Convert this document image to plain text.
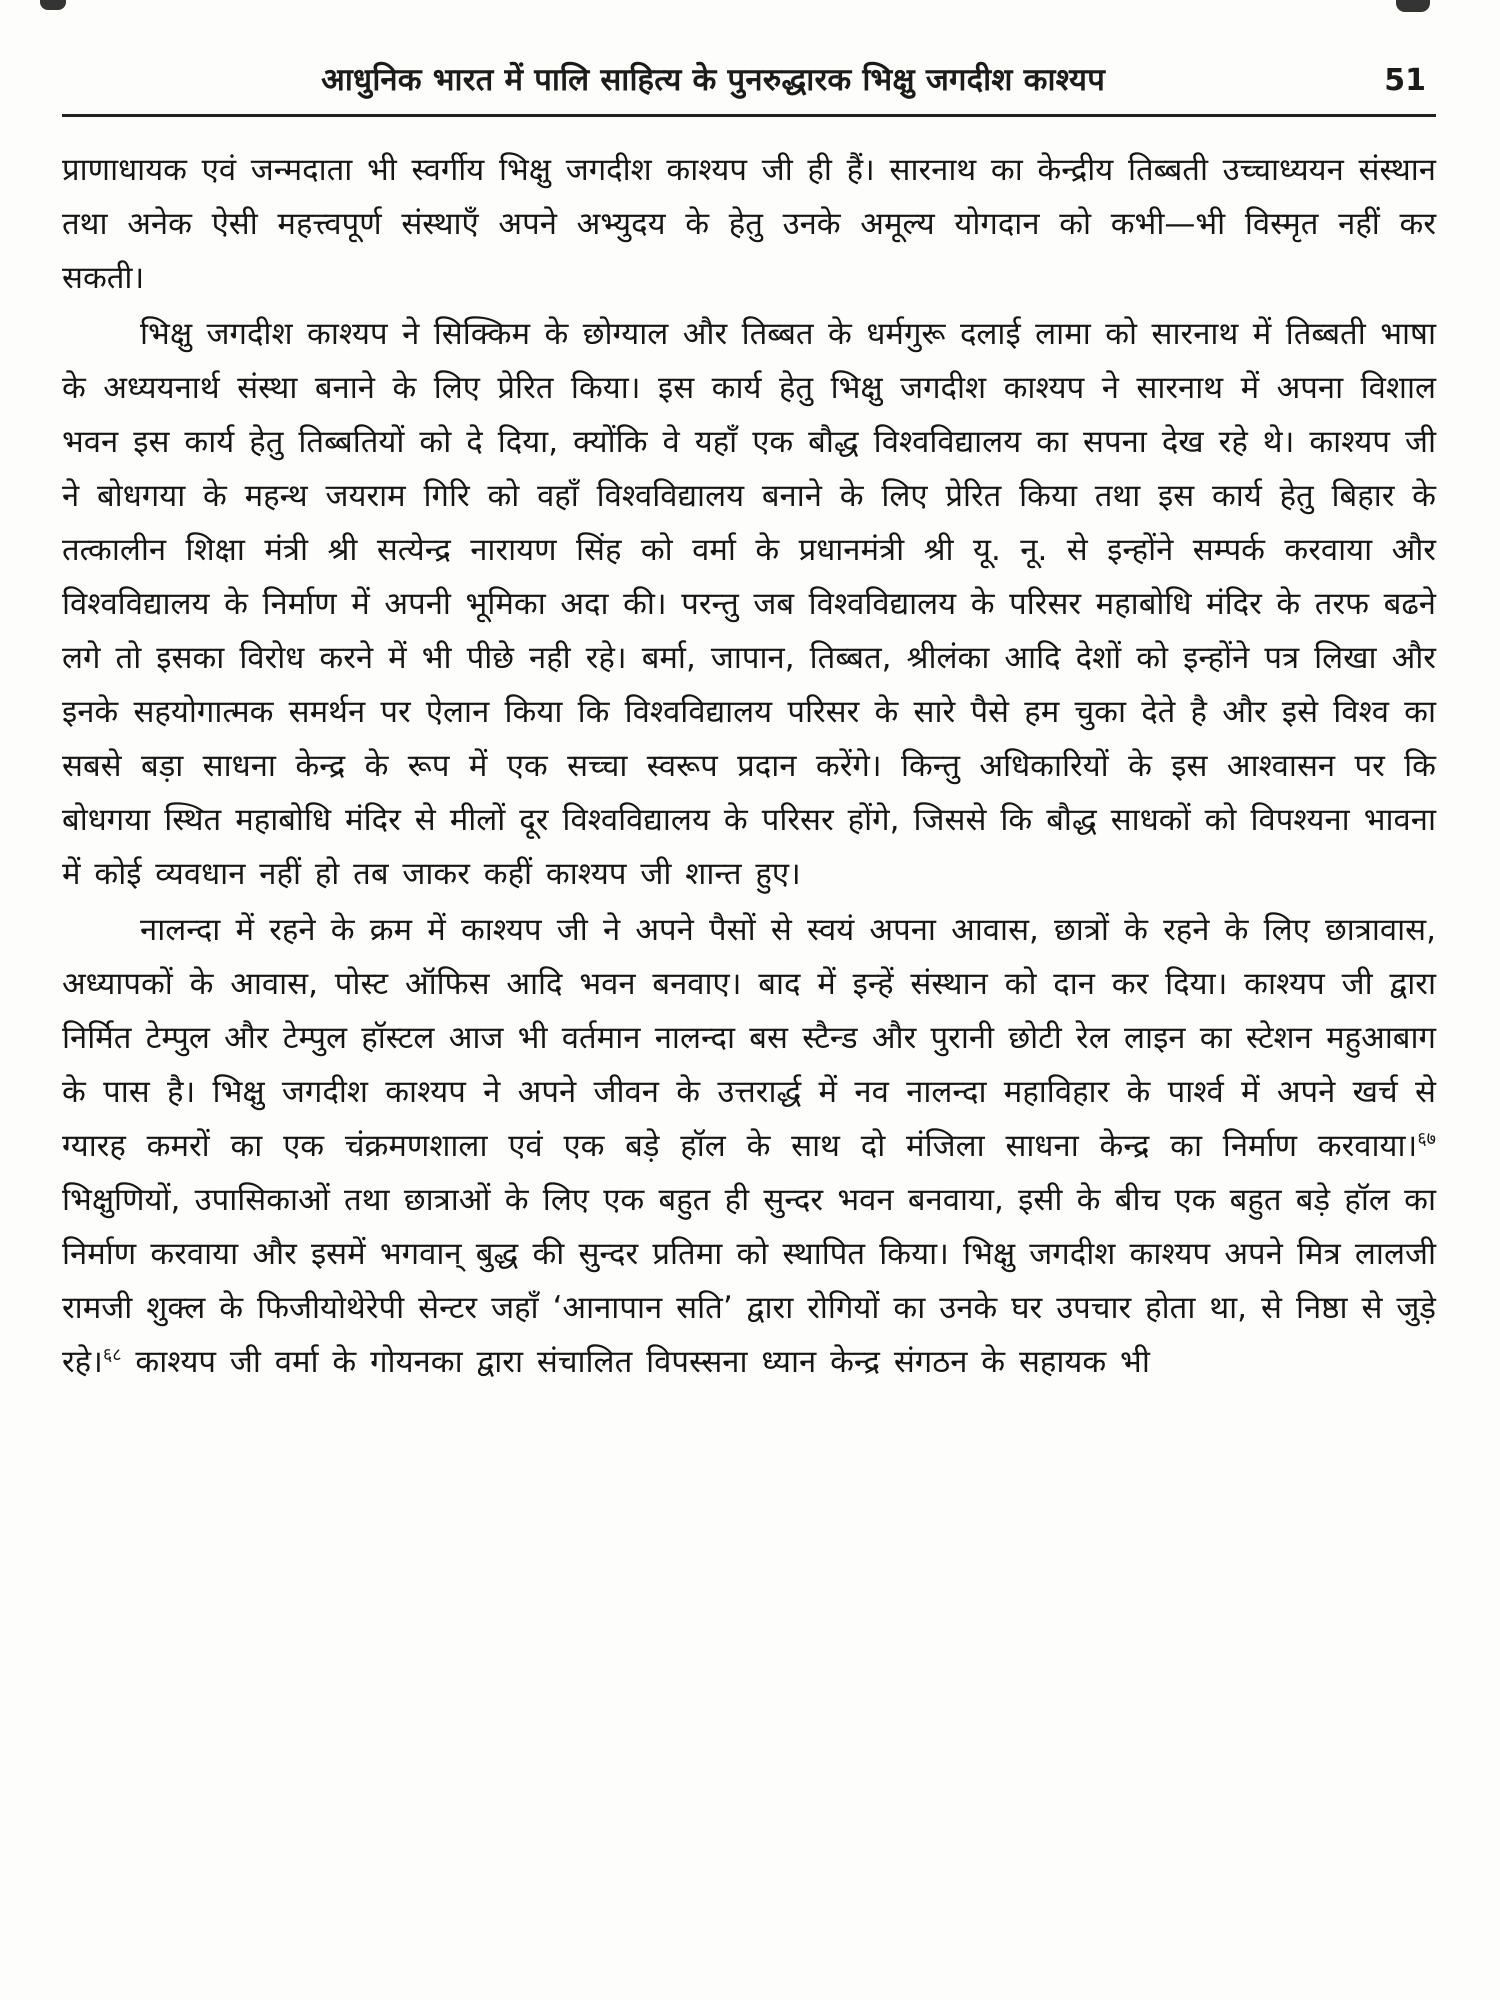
आधुनिक भारत में पालि साहित्य के पुनरुद्धारक भिक्षु जगदीश काश्यप	51

प्राणाधायक एवं जन्मदाता भी स्वर्गीय भिक्षु जगदीश काश्यप जी ही हैं। सारनाथ का केन्द्रीय तिब्बती उच्चाध्ययन संस्थान तथा अनेक ऐसी महत्त्वपूर्ण संस्थाएँ अपने अभ्युदय के हेतु उनके अमूल्य योगदान को कभी—भी विस्मृत नहीं कर सकती।

भिक्षु जगदीश काश्यप ने सिक्किम के छोग्याल और तिब्बत के धर्मगुरू दलाई लामा को सारनाथ में तिब्बती भाषा के अध्ययनार्थ संस्था बनाने के लिए प्रेरित किया। इस कार्य हेतु भिक्षु जगदीश काश्यप ने सारनाथ में अपना विशाल भवन इस कार्य हेतु तिब्बतियों को दे दिया, क्योंकि वे यहाँ एक बौद्ध विश्वविद्यालय का सपना देख रहे थे। काश्यप जी ने बोधगया के महन्थ जयराम गिरि को वहाँ विश्वविद्यालय बनाने के लिए प्रेरित किया तथा इस कार्य हेतु बिहार के तत्कालीन शिक्षा मंत्री श्री सत्येन्द्र नारायण सिंह को वर्मा के प्रधानमंत्री श्री यू. नू. से इन्होंने सम्पर्क करवाया और विश्वविद्यालय के निर्माण में अपनी भूमिका अदा की। परन्तु जब विश्वविद्यालय के परिसर महाबोधि मंदिर के तरफ बढने लगे तो इसका विरोध करने में भी पीछे नही रहे। बर्मा, जापान, तिब्बत, श्रीलंका आदि देशों को इन्होंने पत्र लिखा और इनके सहयोगात्मक समर्थन पर ऐलान किया कि विश्वविद्यालय परिसर के सारे पैसे हम चुका देते है और इसे विश्व का सबसे बड़ा साधना केन्द्र के रूप में एक सच्चा स्वरूप प्रदान करेंगे। किन्तु अधिकारियों के इस आश्वासन पर कि बोधगया स्थित महाबोधि मंदिर से मीलों दूर विश्वविद्यालय के परिसर होंगे, जिससे कि बौद्ध साधकों को विपश्यना भावना में कोई व्यवधान नहीं हो तब जाकर कहीं काश्यप जी शान्त हुए।

नालन्दा में रहने के क्रम में काश्यप जी ने अपने पैसों से स्वयं अपना आवास, छात्रों के रहने के लिए छात्रावास, अध्यापकों के आवास, पोस्ट ऑफिस आदि भवन बनवाए। बाद में इन्हें संस्थान को दान कर दिया। काश्यप जी द्वारा निर्मित टेम्पुल और टेम्पुल हॉस्टल आज भी वर्तमान नालन्दा बस स्टैन्ड और पुरानी छोटी रेल लाइन का स्टेशन महुआबाग के पास है। भिक्षु जगदीश काश्यप ने अपने जीवन के उत्तरार्द्ध में नव नालन्दा महाविहार के पार्श्व में अपने खर्च से ग्यारह कमरों का एक चंक्रमणशाला एवं एक बड़े हॉल के साथ दो मंजिला साधना केन्द्र का निर्माण करवाया।$^{६७}$ भिक्षुणियों, उपासिकाओं तथा छात्राओं के लिए एक बहुत ही सुन्दर भवन बनवाया, इसी के बीच एक बहुत बड़े हॉल का निर्माण करवाया और इसमें भगवान् बुद्ध की सुन्दर प्रतिमा को स्थापित किया। भिक्षु जगदीश काश्यप अपने मित्र लालजी रामजी शुक्ल के फिजीयोथेरेपी सेन्टर जहाँ ‘आनापान सति’ द्वारा रोगियों का उनके घर उपचार होता था, से निष्ठा से जुड़े रहे।$^{६८}$ काश्यप जी वर्मा के गोयनका द्वारा संचालित विपस्सना ध्यान केन्द्र संगठन के सहायक भी
